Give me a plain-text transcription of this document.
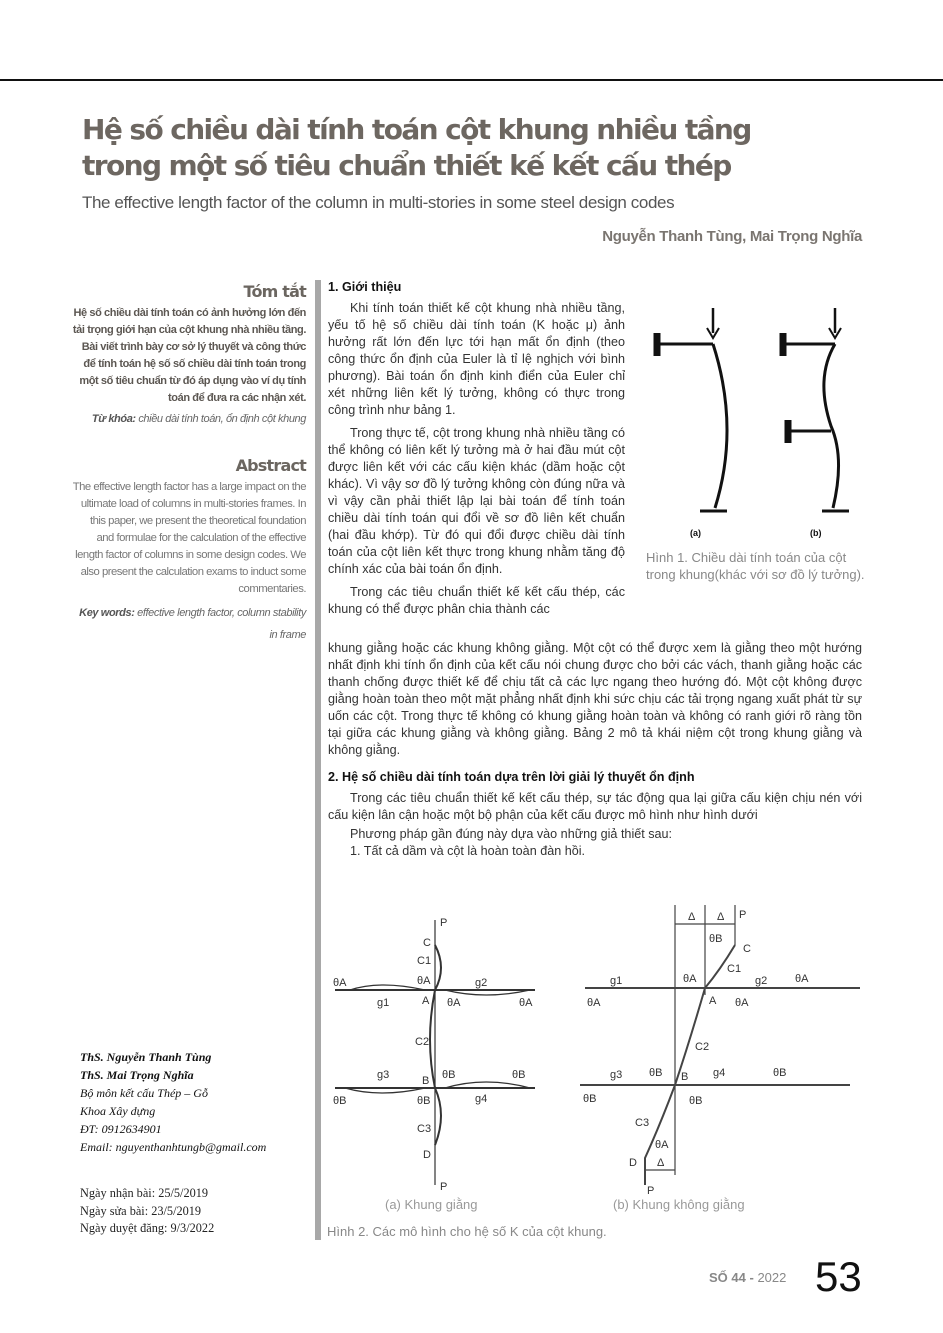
Hệ số chiều dài tính toán cột khung nhiều tầng
trong một số tiêu chuẩn thiết kế kết cấu thép
The effective length factor of the column in multi-stories in some steel design codes
Nguyễn Thanh Tùng, Mai Trọng Nghĩa
Tóm tắt
Hệ số chiều dài tính toán có ảnh hưởng lớn đến tải trọng giới hạn của cột khung nhà nhiều tầng. Bài viết trình bày cơ sở lý thuyết và công thức để tính toán hệ số số chiều dài tính toán trong một số tiêu chuẩn từ đó áp dụng vào ví dụ tính toán để đưa ra các nhận xét.
Từ khóa: chiều dài tính toán, ổn định cột khung
Abstract
The effective length factor has a large impact on the ultimate load of columns in multi-stories frames. In this paper, we present the theoretical foundation and formulae for the calculation of the effective length factor of columns in some design codes. We also present the calculation exams to induct some commentaries.
Key words: effective length factor, column stability in frame
1. Giới thiệu

Khi tính toán thiết kế cột khung nhà nhiều tầng, yếu tố hệ số chiều dài tính toán (K hoặc μ) ảnh hưởng rất lớn đến lực tới hạn mất ổn định (theo công thức ổn định của Euler là tỉ lệ nghịch với bình phương). Bài toán ổn định kinh điển của Euler chỉ xét những liên kết lý tưởng, không có thực trong công trình như bảng 1.

Trong thực tế, cột trong khung nhà nhiều tầng có thể không có liên kết lý tưởng mà ở hai đầu mút cột được liên kết với các cấu kiện khác (dầm hoặc cột khác). Vì vậy sơ đồ lý tưởng không còn đúng nữa và vì vậy cần phải thiết lập lại bài toán để tính toán chiều dài tính toán qui đổi về sơ đồ liên kết chuẩn (hai đầu khớp). Từ đó qui đổi được chiều dài tính toán của cột liên kết thực trong khung nhằm tăng độ chính xác của bài toán ổn định.

Trong các tiêu chuẩn thiết kế kết cấu thép, các khung có thể được phân chia thành các

khung giằng hoặc các khung không giằng. Một cột có thể được xem là giằng theo một hướng nhất định khi tính ổn định của kết cấu nói chung được cho bởi các vách, thanh giằng hoặc các thanh chống được thiết kế để chịu tất cả các lực ngang theo hướng đó. Một cột không được giằng hoàn toàn theo một mặt phẳng nhất định khi sức chịu các tải trọng ngang xuất phát từ sự uốn các cột. Trong thực tế không có khung giằng hoàn toàn và không có ranh giới rõ ràng tồn tại giữa các khung giằng và không giằng. Bảng 2 mô tả khái niệm cột trong khung giằng và không giằng.

2. Hệ số chiều dài tính toán dựa trên lời giải lý thuyết ổn định

Trong các tiêu chuẩn thiết kế kết cấu thép, sự tác động qua lại giữa cấu kiện chịu nén với cấu kiện lân cận hoặc một bộ phận của kết cấu được mô hình như hình dưới

Phương pháp gần đúng này dựa vào những giả thiết sau:

1. Tất cả dầm và cột là hoàn toàn đàn hồi.

(a)	(b)
Hình 1. Chiều dài tính toán của cột trong khung(khác với sơ đồ lý tưởng).
P
C
C1
θA	θA	g2
g1	A θA	θA
C2
g3	B θB	θB
θB	θB	g4
C3
D
P
P
Δ Δ
C
θB
C1
g1	θA	g2	θA
θA	A θA
C2
g3 θB B g4	θB
θB	θB
C3
θA
D Δ
P
(a) Khung giằng	(b) Khung không giằng
Hình 2. Các mô hình cho hệ số K của cột khung.
ThS. Nguyễn Thanh Tùng
ThS. Mai Trọng Nghĩa
Bộ môn kết cấu Thép – Gỗ
Khoa Xây dựng
ĐT: 0912634901
Email: nguyenthanhtungb@gmail.com
Ngày nhận bài: 25/5/2019
Ngày sửa bài: 23/5/2019
Ngày duyệt đăng: 9/3/2022
SỐ 44 - 2022 53
